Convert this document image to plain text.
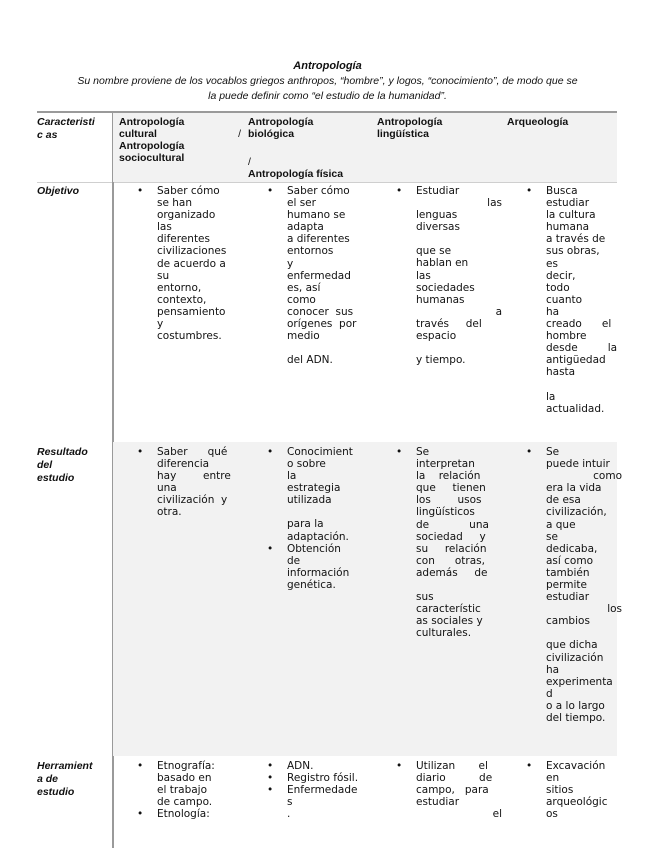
Antropología
Su nombre proviene de los vocablos griegos anthropos, “hombre”, y logos, “conocimiento”, de modo que se
la puede definir como “el estudio de la humanidad”.
Caracteristi
c as
Antropología
cultural	/
Antropología
sociocultural
Antropología
biológica
/
Antropología física
Antropología
lingüística
Arqueología
Objetivo
Resultado
del
estudio
Herramient
a de
estudio
• Saber cómo
se han
organizado
las
diferentes
civilizaciones
de acuerdo a
su
entorno,
contexto,
pensamiento
y
costumbres.
• Saber cómo
el ser
humano se
adapta
a diferentes
entornos
y
enfermedad
es, así
como
conocer  sus
orígenes  por
medio
del ADN.
• Estudiar
las
lenguas
diversas
que se
hablan en
las
sociedades
humanas
a
través     del
espacio
y tiempo.
• Busca
estudiar
la cultura
humana
a través de
sus obras,
es
decir,
todo
cuanto
ha
creado      el
hombre
desde         la
antigüedad
hasta
la
actualidad.
• Saber      qué
diferencia
hay        entre
una
civilización  y
otra.
• Conocimient
o sobre
la
estrategia
utilizada
para la
adaptación.
• Obtención
de
información
genética.
• Se
interpretan
la    relación
que     tienen
los        usos
lingüísticos
de            una
sociedad     y
su     relación
con      otras,
además     de
sus
característic
as sociales y
culturales.
• Se
puede intuir
como
era la vida
de esa
civilización,
a que
se
dedicaba,
así como
también
permite
estudiar
los
cambios
que dicha
civilización
ha
experimenta
d
o a lo largo
del tiempo.
• Etnografía:
basado en
el trabajo
de campo.
• Etnología:
• ADN.
• Registro fósil.
• Enfermedade
s
.
• Utilizan       el
diario          de
campo,   para
estudiar
el
• Excavación
en
sitios
arqueológic
os
